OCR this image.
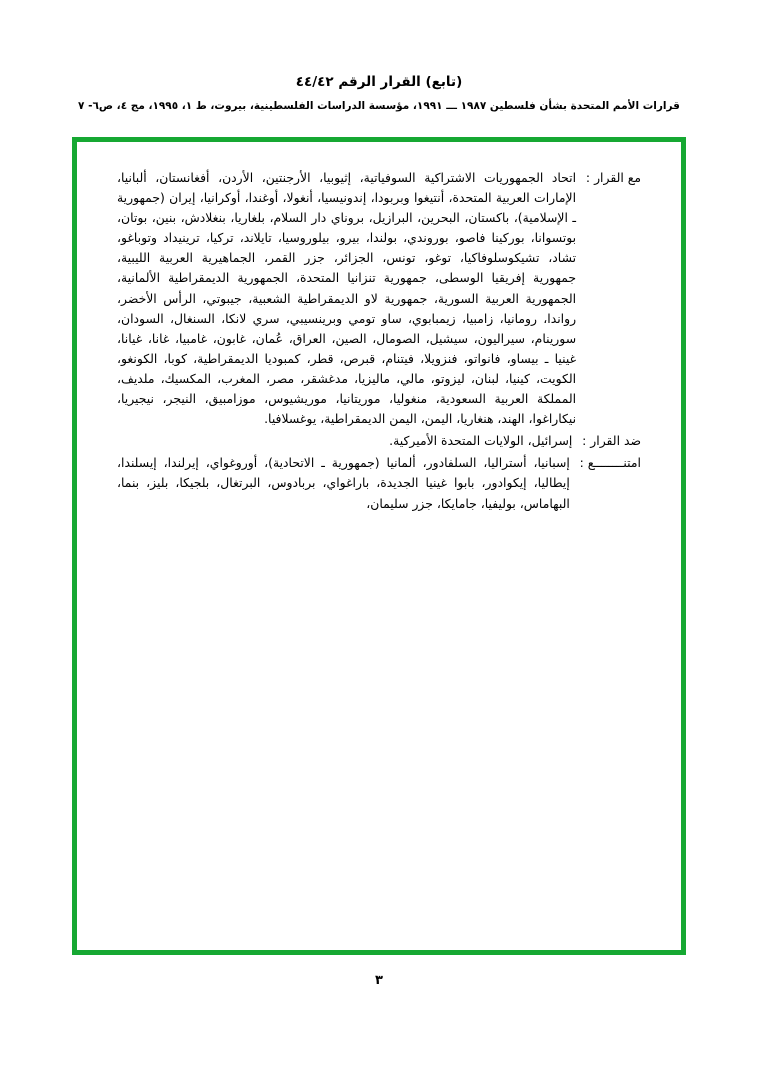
(تابع) القرار الرقم ٤٤/٤٢
قرارات الأمم المتحدة بشأن فلسطين ١٩٨٧ ـــ ١٩٩١، مؤسسة الدراسات الفلسطينية، بيروت، ط ١، ١٩٩٥، مج ٤، ص٦- ٧
مع القرار
:
اتحاد الجمهوريات الاشتراكية السوفياتية، إثيوبيا، الأرجنتين، الأردن، أفغانستان، ألبانيا، الإمارات العربية المتحدة، أنتيغوا وبربودا، إندونيسيا، أنغولا، أوغندا، أوكرانيا، إيران (جمهورية ـ الإسلامية)، باكستان، البحرين، البرازيل، بروناي دار السلام، بلغاريا، بنغلادش، بنين، بوتان، بوتسوانا، بوركينا فاصو، بوروندي، بولندا، بيرو، بيلوروسيا، تايلاند، تركيا، ترينيداد وتوباغو، تشاد، تشيكوسلوفاكيا، توغو، تونس، الجزائر، جزر القمر، الجماهيرية العربية الليبية، جمهورية إفريقيا الوسطى، جمهورية تنزانيا المتحدة، الجمهورية الديمقراطية الألمانية، الجمهورية العربية السورية، جمهورية لاو الديمقراطية الشعبية، جيبوتي، الرأس الأخضر، رواندا، رومانيا، زامبيا، زيمبابوي، ساو تومي وبرينسيبي، سري لانكا، السنغال، السودان، سورينام، سيراليون، سيشيل، الصومال، الصين، العراق، عُمان، غابون، غامبيا، غانا، غيانا، غينيا ـ بيساو، فانواتو، فنزويلا، فيتنام، قبرص، قطر، كمبوديا الديمقراطية، كوبا، الكونغو، الكويت، كينيا، لبنان، ليزوتو، مالي، ماليزيا، مدغشقر، مصر، المغرب، المكسيك، ملديف، المملكة العربية السعودية، منغوليا، موريتانيا، موريشيوس، موزامبيق، النيجر، نيجيريا، نيكاراغوا، الهند، هنغاريا، اليمن، اليمن الديمقراطية، يوغسلافيا.
ضد القرار
:
إسرائيل، الولايات المتحدة الأميركية.
امتنــــــــع
:
إسبانيا، أستراليا، السلفادور، ألمانيا (جمهورية ـ الاتحادية)، أوروغواي، إيرلندا، إيسلندا، إيطاليا، إيكوادور، بابوا غينيا الجديدة، باراغواي، بربادوس، البرتغال، بلجيكا، بليز، بنما، البهاماس، بوليفيا، جامايكا، جزر سليمان،
٣
